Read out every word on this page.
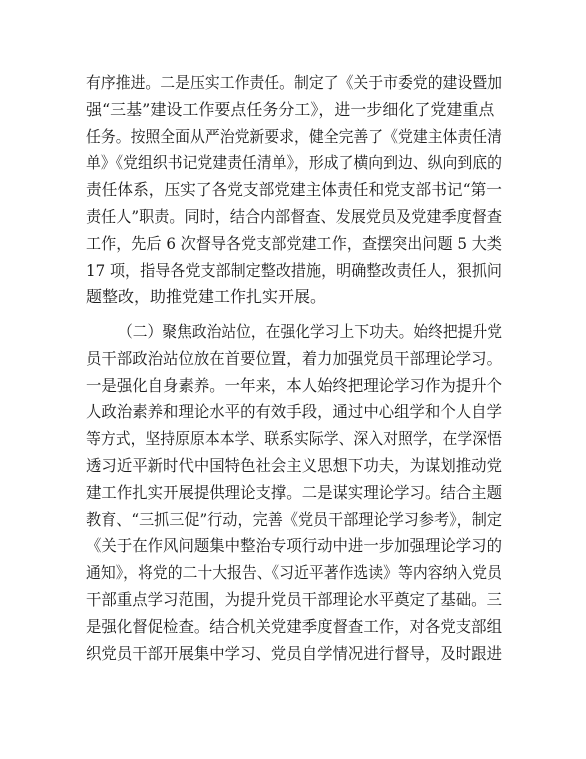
有序推进。二是压实工作责任。制定了《关于市委党的建设暨加
强“三基”建设工作要点任务分工》，进一步细化了党建重点
任务。按照全面从严治党新要求，健全完善了《党建主体责任清
单》《党组织书记党建责任清单》，形成了横向到边、纵向到底的
责任体系，压实了各党支部党建主体责任和党支部书记“第一
责任人”职责。同时，结合内部督查、发展党员及党建季度督查
工作，先后 6 次督导各党支部党建工作，查摆突出问题 5 大类
17 项，指导各党支部制定整改措施，明确整改责任人，狠抓问
题整改，助推党建工作扎实开展。
（二）聚焦政治站位，在强化学习上下功夫。始终把提升党
员干部政治站位放在首要位置，着力加强党员干部理论学习。
一是强化自身素养。一年来，本人始终把理论学习作为提升个
人政治素养和理论水平的有效手段，通过中心组学和个人自学
等方式，坚持原原本本学、联系实际学、深入对照学，在学深悟
透习近平新时代中国特色社会主义思想下功夫，为谋划推动党
建工作扎实开展提供理论支撑。二是谋实理论学习。结合主题
教育、“三抓三促”行动，完善《党员干部理论学习参考》，制定
《关于在作风问题集中整治专项行动中进一步加强理论学习的
通知》，将党的二十大报告、《习近平著作选读》等内容纳入党员
干部重点学习范围，为提升党员干部理论水平奠定了基础。三
是强化督促检查。结合机关党建季度督查工作，对各党支部组
织党员干部开展集中学习、党员自学情况进行督导，及时跟进
